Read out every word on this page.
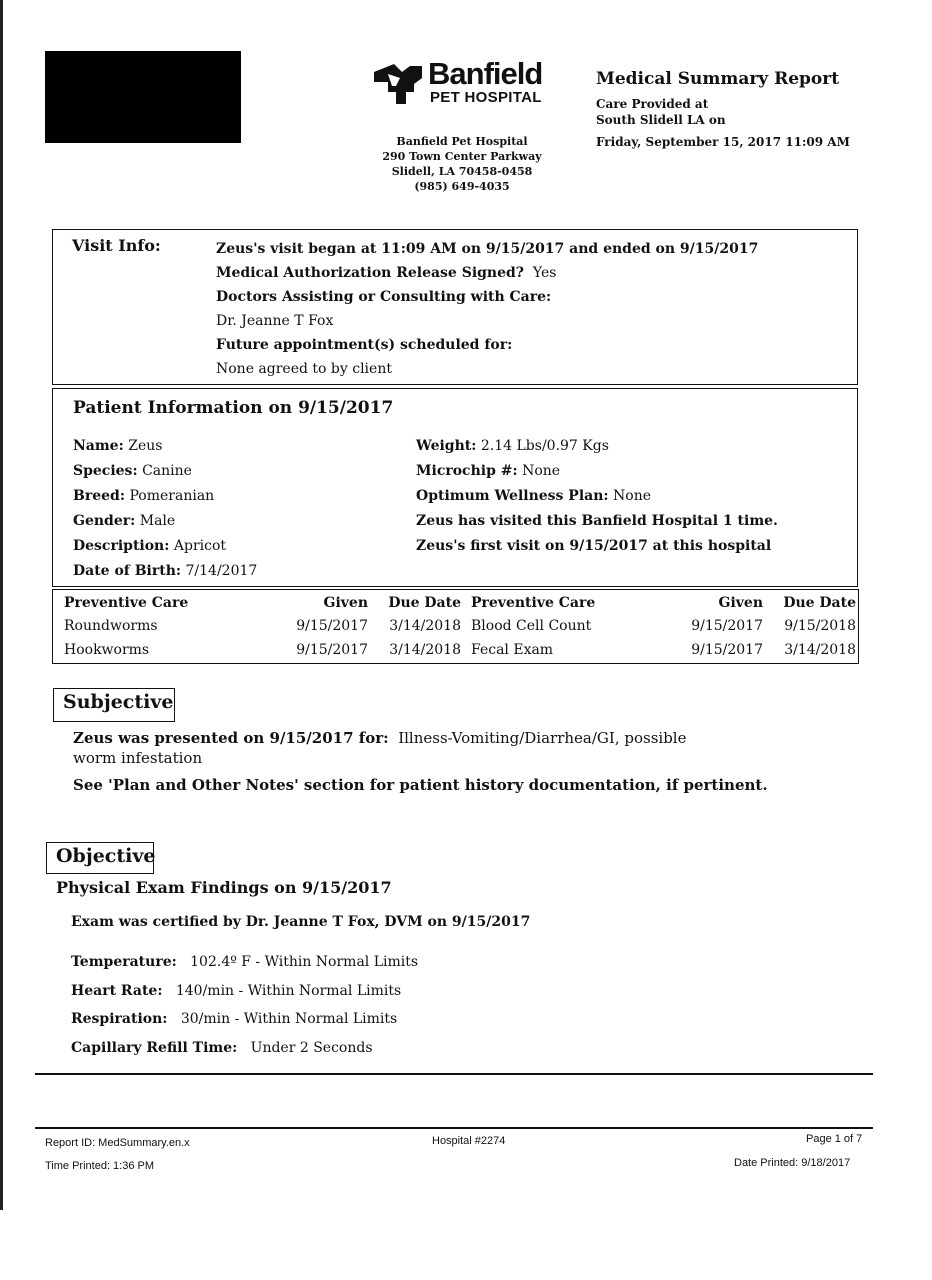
Banfield
PET HOSPITAL
Banfield Pet Hospital
290 Town Center Parkway
Slidell, LA 70458-0458
(985) 649-4035
Medical Summary Report
Care Provided at
South Slidell LA on
Friday, September 15, 2017 11:09 AM
Visit Info:	Zeus's visit began at 11:09 AM on 9/15/2017 and ended on 9/15/2017
Medical Authorization Release Signed? Yes
Doctors Assisting or Consulting with Care:
Dr. Jeanne T Fox
Future appointment(s) scheduled for:
None agreed to by client
Patient Information on 9/15/2017
Name: Zeus
Species: Canine
Breed: Pomeranian
Gender: Male
Description: Apricot
Date of Birth: 7/14/2017
Weight: 2.14 Lbs/0.97 Kgs
Microchip #: None
Optimum Wellness Plan: None
Zeus has visited this Banfield Hospital 1 time.
Zeus's first visit on 9/15/2017 at this hospital
Preventive Care	Given	Due Date	Preventive Care	Given	Due Date
Roundworms	9/15/2017	3/14/2018	Blood Cell Count	9/15/2017	9/15/2018
Hookworms	9/15/2017	3/14/2018	Fecal Exam	9/15/2017	3/14/2018
Subjective
Zeus was presented on 9/15/2017 for: Illness-Vomiting/Diarrhea/GI, possible worm infestation
See 'Plan and Other Notes' section for patient history documentation, if pertinent.
Objective
Physical Exam Findings on 9/15/2017
Exam was certified by Dr. Jeanne T Fox, DVM on 9/15/2017
Temperature: 102.4º F - Within Normal Limits
Heart Rate: 140/min - Within Normal Limits
Respiration: 30/min - Within Normal Limits
Capillary Refill Time: Under 2 Seconds
Report ID: MedSummary.en.x
Time Printed: 1:36 PM
Hospital #2274	Page 1 of 7
Date Printed: 9/18/2017
